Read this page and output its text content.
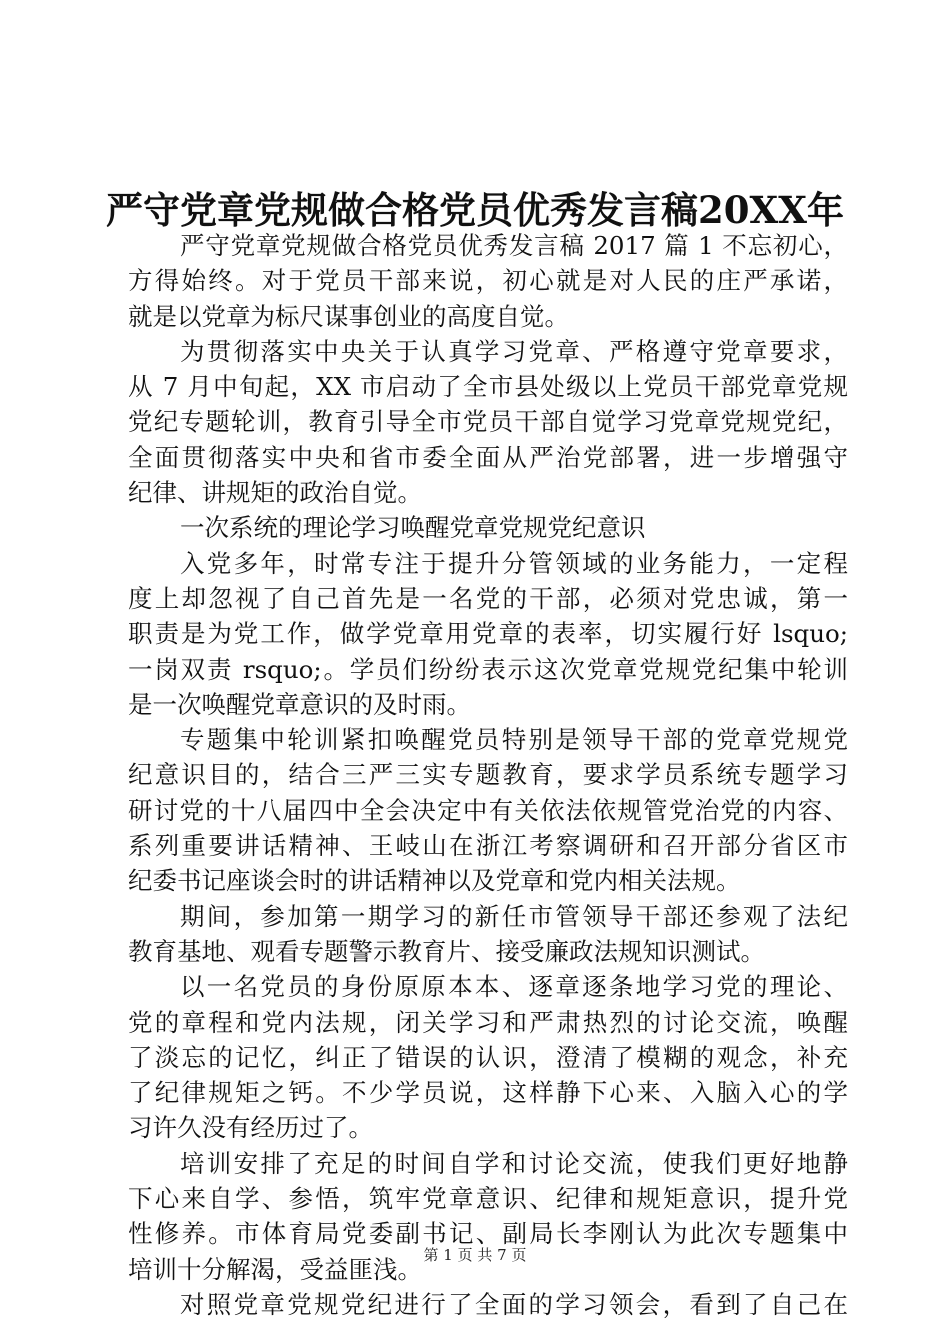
严守党章党规做合格党员优秀发言稿20XX年
严守党章党规做合格党员优秀发言稿 2017 篇 1 不忘初心，
方得始终。对于党员干部来说，初心就是对人民的庄严承诺，
就是以党章为标尺谋事创业的高度自觉。
为贯彻落实中央关于认真学习党章、严格遵守党章要求，
从 7 月中旬起，XX 市启动了全市县处级以上党员干部党章党规
党纪专题轮训，教育引导全市党员干部自觉学习党章党规党纪，
全面贯彻落实中央和省市委全面从严治党部署，进一步增强守
纪律、讲规矩的政治自觉。
一次系统的理论学习唤醒党章党规党纪意识
入党多年，时常专注于提升分管领域的业务能力，一定程
度上却忽视了自己首先是一名党的干部，必须对党忠诚，第一
职责是为党工作，做学党章用党章的表率，切实履行好 lsquo;
一岗双责 rsquo;。学员们纷纷表示这次党章党规党纪集中轮训
是一次唤醒党章意识的及时雨。
专题集中轮训紧扣唤醒党员特别是领导干部的党章党规党
纪意识目的，结合三严三实专题教育，要求学员系统专题学习
研讨党的十八届四中全会决定中有关依法依规管党治党的内容、
系列重要讲话精神、王岐山在浙江考察调研和召开部分省区市
纪委书记座谈会时的讲话精神以及党章和党内相关法规。
期间，参加第一期学习的新任市管领导干部还参观了法纪
教育基地、观看专题警示教育片、接受廉政法规知识测试。
以一名党员的身份原原本本、逐章逐条地学习党的理论、
党的章程和党内法规，闭关学习和严肃热烈的讨论交流，唤醒
了淡忘的记忆，纠正了错误的认识，澄清了模糊的观念，补充
了纪律规矩之钙。不少学员说，这样静下心来、入脑入心的学
习许久没有经历过了。
培训安排了充足的时间自学和讨论交流，使我们更好地静
下心来自学、参悟，筑牢党章意识、纪律和规矩意识，提升党
性修养。市体育局党委副书记、副局长李刚认为此次专题集中
培训十分解渴，受益匪浅。
对照党章党规党纪进行了全面的学习领会，看到了自己在
第 1 页 共 7 页
